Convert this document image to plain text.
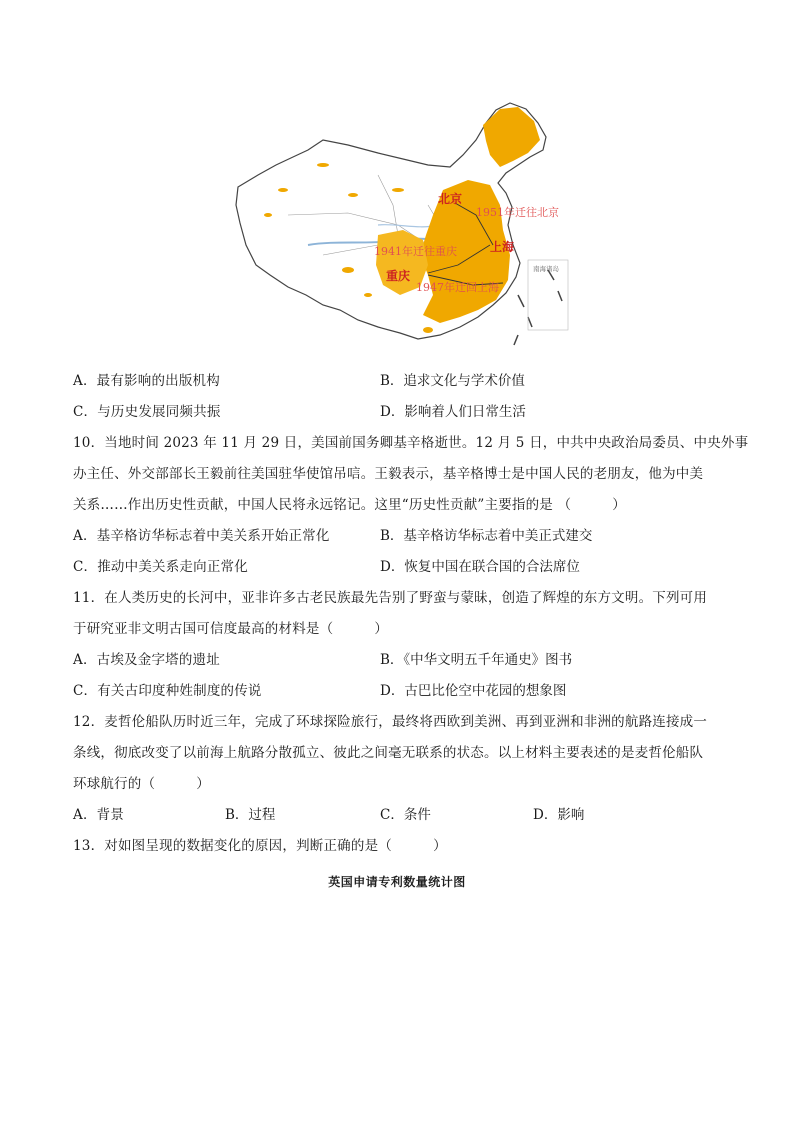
南海诸岛
北京
上海
重庆
1951年迁往北京
1941年迁往重庆
1947年迁回上海
A．最有影响的出版机构	B．追求文化与学术价值
C．与历史发展同频共振	D．影响着人们日常生活
10．当地时间 2023 年 11 月 29 日，美国前国务卿基辛格逝世。12 月 5 日，中共中央政治局委员、中央外事
办主任、外交部部长王毅前往美国驻华使馆吊唁。王毅表示，基辛格博士是中国人民的老朋友，他为中美
关系……作出历史性贡献，中国人民将永远铭记。这里“历史性贡献”主要指的是 （　　　）
A．基辛格访华标志着中美关系开始正常化	B．基辛格访华标志着中美正式建交
C．推动中美关系走向正常化	D．恢复中国在联合国的合法席位
11．在人类历史的长河中，亚非许多古老民族最先告别了野蛮与蒙昧，创造了辉煌的东方文明。下列可用
于研究亚非文明古国可信度最高的材料是（　　　）
A．古埃及金字塔的遗址	B．《中华文明五千年通史》图书
C．有关古印度种姓制度的传说	D．古巴比伦空中花园的想象图
12．麦哲伦船队历时近三年，完成了环球探险旅行，最终将西欧到美洲、再到亚洲和非洲的航路连接成一
条线，彻底改变了以前海上航路分散孤立、彼此之间毫无联系的状态。以上材料主要表述的是麦哲伦船队
环球航行的（　　　）
A．背景	B．过程	C．条件	D．影响
13．对如图呈现的数据变化的原因，判断正确的是（　　　）
英国申请专利数量统计图
